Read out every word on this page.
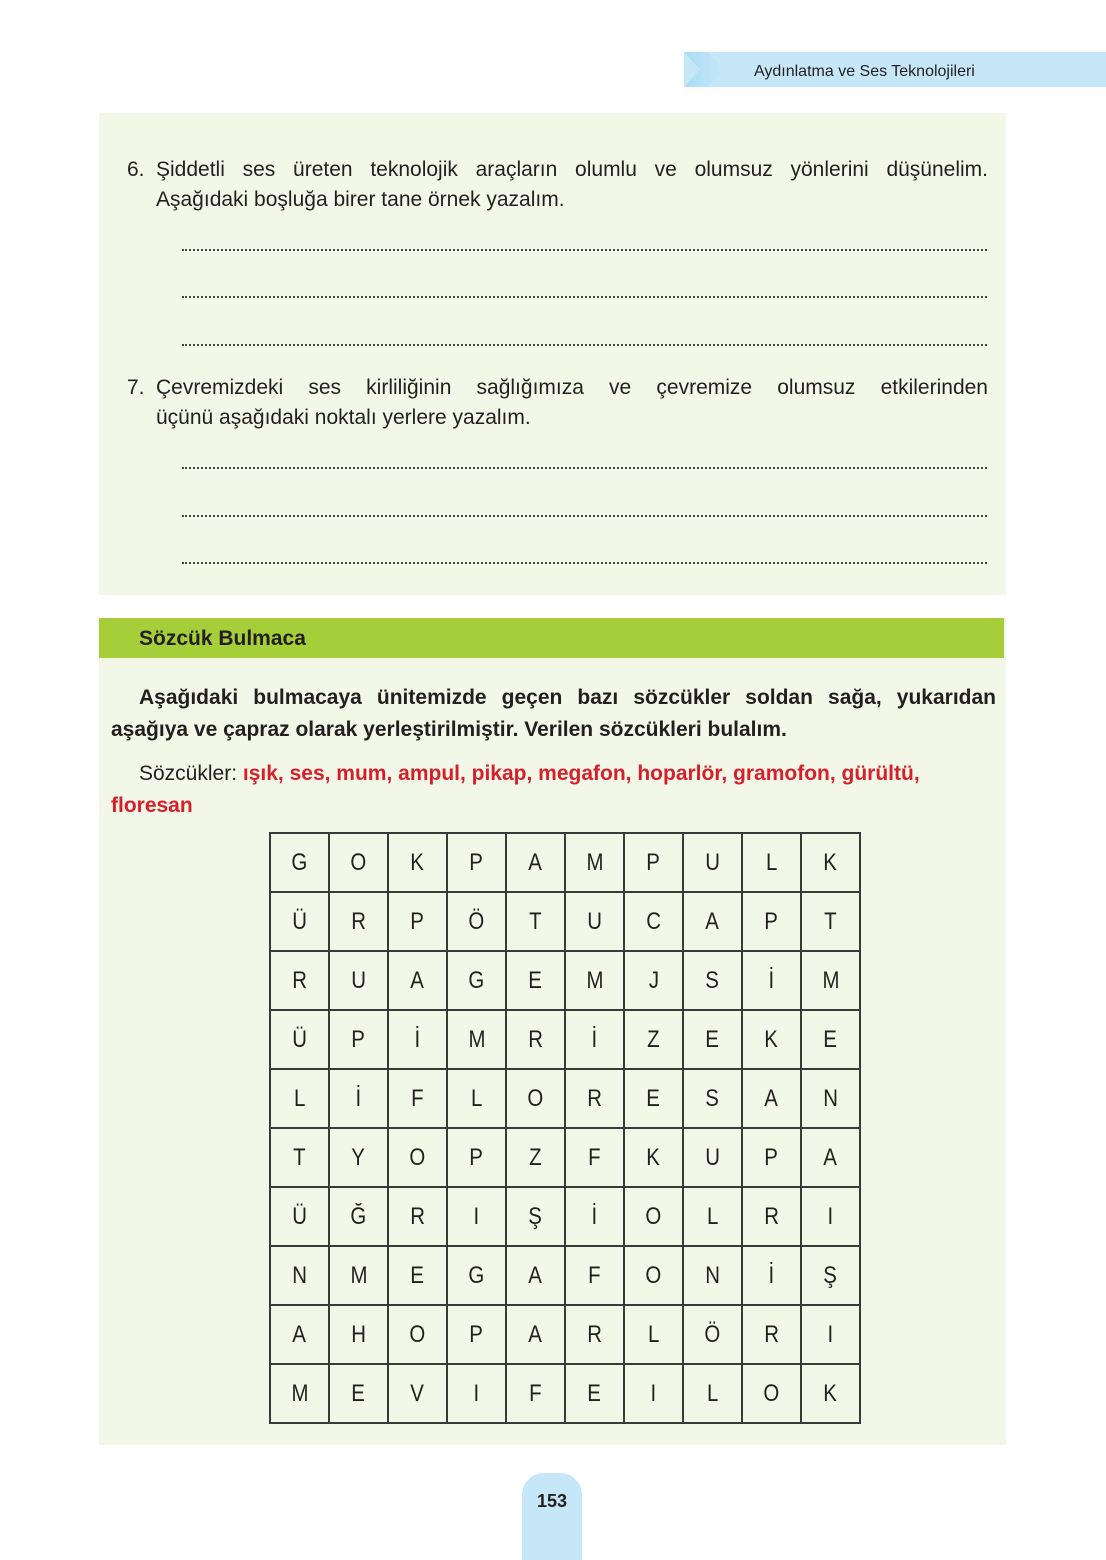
Aydınlatma ve Ses Teknolojileri
6. Şiddetli ses üreten teknolojik araçların olumlu ve olumsuz yönlerini düşünelim.
Aşağıdaki boşluğa birer tane örnek yazalım.
7. Çevremizdeki ses kirliliğinin sağlığımıza ve çevremize olumsuz etkilerinden
üçünü aşağıdaki noktalı yerlere yazalım.
Sözcük Bulmaca
Aşağıdaki bulmacaya ünitemizde geçen bazı sözcükler soldan sağa, yukarıdan aşağıya ve çapraz olarak yerleştirilmiştir. Verilen sözcükleri bulalım.
Sözcükler: ışık, ses, mum, ampul, pikap, megafon, hoparlör, gramofon, gürültü, floresan
G	O	K	P	A	M	P	U	L	K
Ü	R	P	Ö	T	U	C	A	P	T
R	U	A	G	E	M	J	S	İ	M
Ü	P	İ	M	R	İ	Z	E	K	E
L	İ	F	L	O	R	E	S	A	N
T	Y	O	P	Z	F	K	U	P	A
Ü	Ğ	R	I	Ş	İ	O	L	R	I
N	M	E	G	A	F	O	N	İ	Ş
A	H	O	P	A	R	L	Ö	R	I
M	E	V	I	F	E	I	L	O	K
153
